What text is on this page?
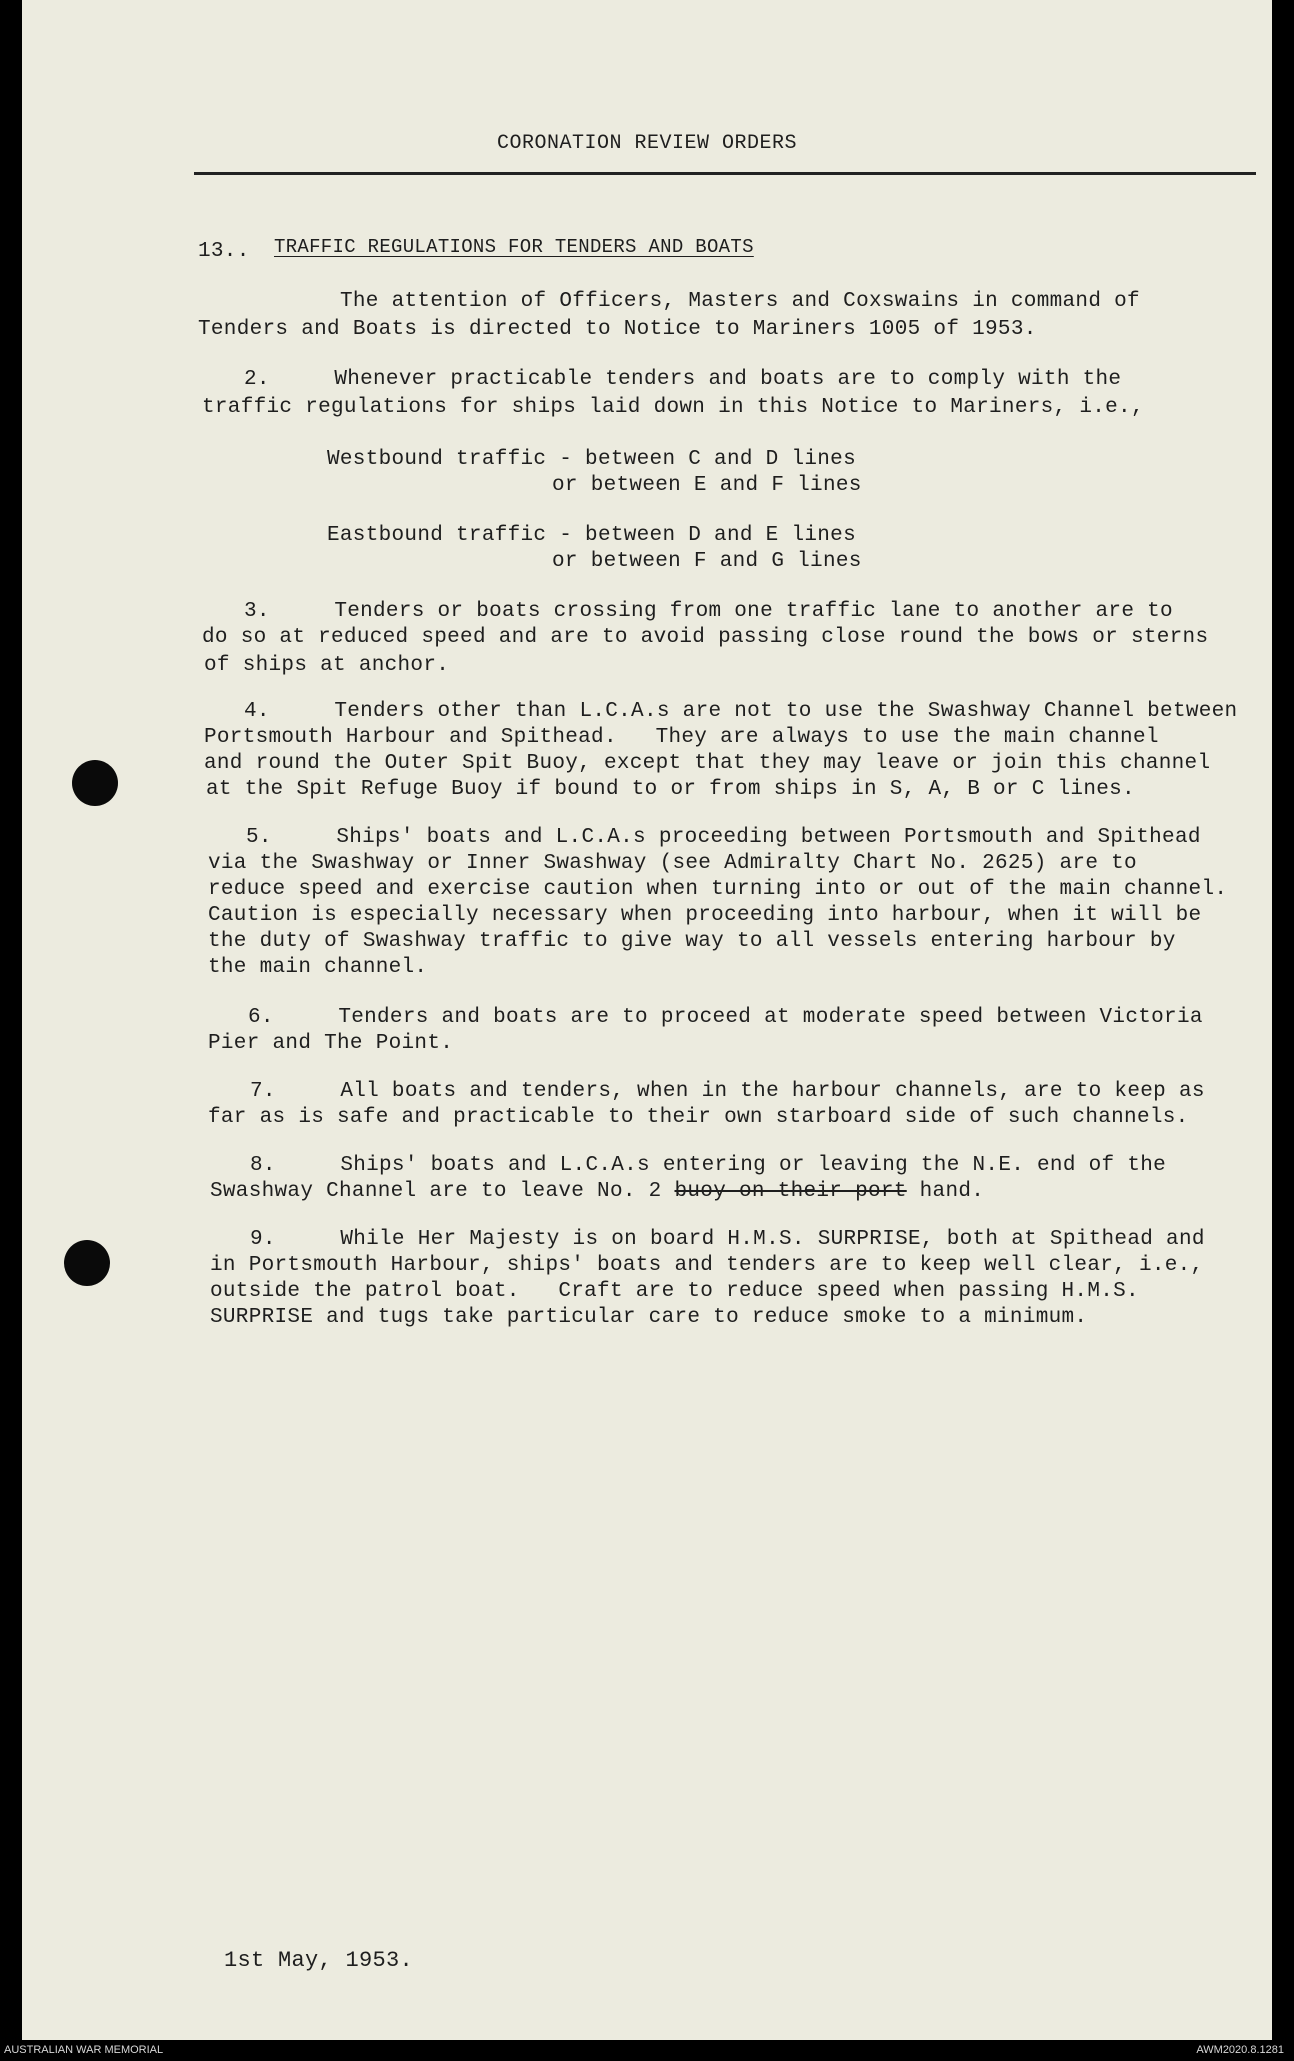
CORONATION REVIEW ORDERS
13.. TRAFFIC REGULATIONS FOR TENDERS AND BOATS
The attention of Officers, Masters and Coxswains in command of
Tenders and Boats is directed to Notice to Mariners 1005 of 1953.
2.     Whenever practicable tenders and boats are to comply with the
traffic regulations for ships laid down in this Notice to Mariners, i.e.,
Westbound traffic - between C and D lines
or between E and F lines
Eastbound traffic - between D and E lines
or between F and G lines
3.     Tenders or boats crossing from one traffic lane to another are to
do so at reduced speed and are to avoid passing close round the bows or sterns
of ships at anchor.
4.     Tenders other than L.C.A.s are not to use the Swashway Channel between
Portsmouth Harbour and Spithead.   They are always to use the main channel
and round the Outer Spit Buoy, except that they may leave or join this channel
at the Spit Refuge Buoy if bound to or from ships in S, A, B or C lines.
5.     Ships' boats and L.C.A.s proceeding between Portsmouth and Spithead
via the Swashway or Inner Swashway (see Admiralty Chart No. 2625) are to
reduce speed and exercise caution when turning into or out of the main channel.
Caution is especially necessary when proceeding into harbour, when it will be
the duty of Swashway traffic to give way to all vessels entering harbour by
the main channel.
6.     Tenders and boats are to proceed at moderate speed between Victoria
Pier and The Point.
7.     All boats and tenders, when in the harbour channels, are to keep as
far as is safe and practicable to their own starboard side of such channels.
8.     Ships' boats and L.C.A.s entering or leaving the N.E. end of the
Swashway Channel are to leave No. 2 buoy on their port hand.
9.     While Her Majesty is on board H.M.S. SURPRISE, both at Spithead and
in Portsmouth Harbour, ships' boats and tenders are to keep well clear, i.e.,
outside the patrol boat.   Craft are to reduce speed when passing H.M.S.
SURPRISE and tugs take particular care to reduce smoke to a minimum.
1st May, 1953.
AUSTRALIAN WAR MEMORIAL	AWM2020.8.1281
